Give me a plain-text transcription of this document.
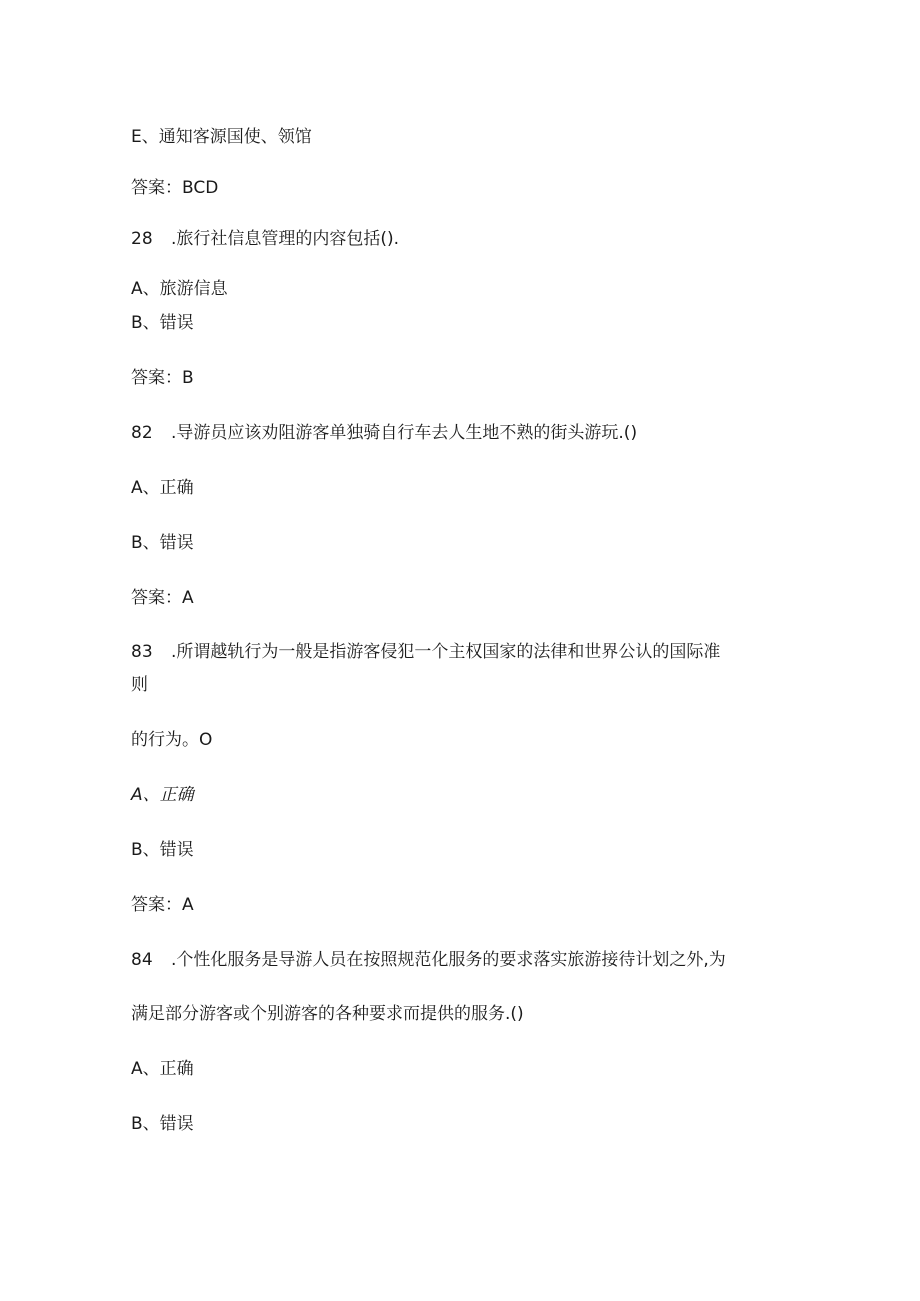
E、通知客源国使、领馆
答案：BCD
28 .旅行社信息管理的内容包括().
A、旅游信息
B、错误
答案：B
82 .导游员应该劝阻游客单独骑自行车去人生地不熟的街头游玩.()
A、正确
B、错误
答案：A
83 .所谓越轨行为一般是指游客侵犯一个主权国家的法律和世界公认的国际准
则
的行为。O
A、正确
B、错误
答案：A
84 .个性化服务是导游人员在按照规范化服务的要求落实旅游接待计划之外,为
满足部分游客或个别游客的各种要求而提供的服务.()
A、正确
B、错误
